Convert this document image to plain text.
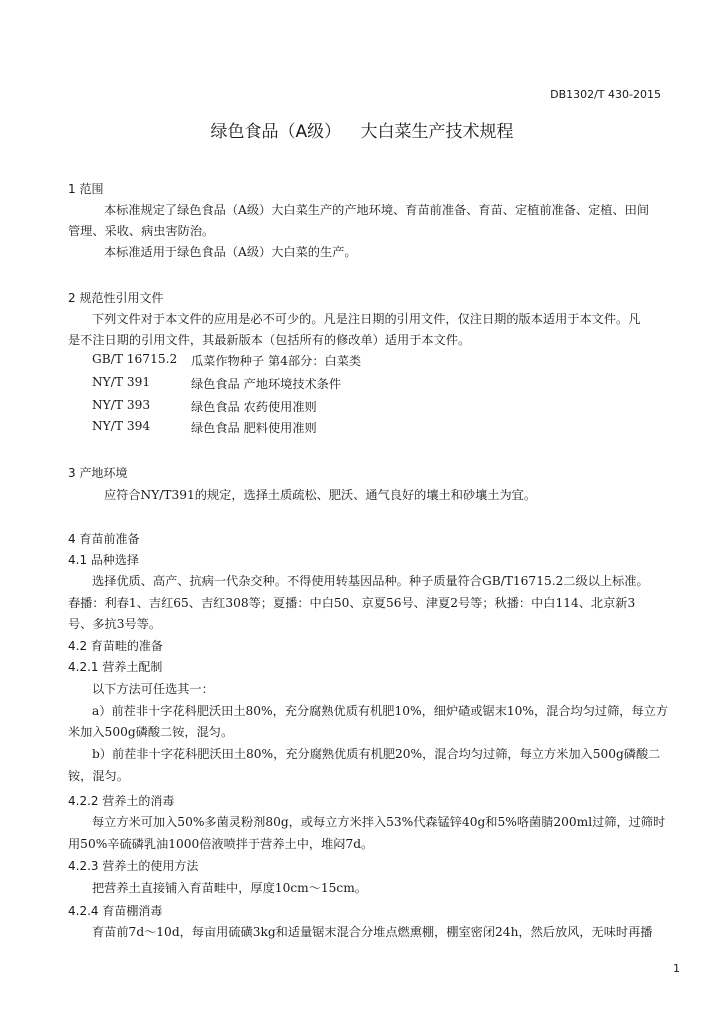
DB1302/T 430-2015
绿色食品（A级） 大白菜生产技术规程
1 范围
本标准规定了绿色食品（A级）大白菜生产的产地环境、育苗前准备、育苗、定植前准备、定植、田间
管理、采收、病虫害防治。
本标准适用于绿色食品（A级）大白菜的生产。
2 规范性引用文件
下列文件对于本文件的应用是必不可少的。凡是注日期的引用文件，仅注日期的版本适用于本文件。凡
是不注日期的引用文件，其最新版本（包括所有的修改单）适用于本文件。
GB/T 16715.2 瓜菜作物种子 第4部分：白菜类
NY/T 391	绿色食品 产地环境技术条件
NY/T 393	绿色食品 农药使用准则
NY/T 394	绿色食品 肥料使用准则
3 产地环境
应符合NY/T391的规定，选择土质疏松、肥沃、通气良好的壤土和砂壤土为宜。
4 育苗前准备
4.1 品种选择
选择优质、高产、抗病一代杂交种。不得使用转基因品种。种子质量符合GB/T16715.2二级以上标准。
春播：利春1、吉红65、吉红308等；夏播：中白50、京夏56号、津夏2号等；秋播：中白114、北京新3
号、多抗3号等。
4.2 育苗畦的准备
4.2.1 营养土配制
以下方法可任选其一：
a）前茬非十字花科肥沃田土80%，充分腐熟优质有机肥10%，细炉碴或锯末10%，混合均匀过筛，每立方
米加入500g磷酸二铵，混匀。
b）前茬非十字花科肥沃田土80%，充分腐熟优质有机肥20%，混合均匀过筛，每立方米加入500g磷酸二
铵，混匀。
4.2.2 营养土的消毒
每立方米可加入50%多菌灵粉剂80g，或每立方米拌入53%代森锰锌40g和5%咯菌腈200ml过筛，过筛时
用50%辛硫磷乳油1000倍液喷拌于营养土中，堆闷7d。
4.2.3 营养土的使用方法
把营养土直接铺入育苗畦中，厚度10cm～15cm。
4.2.4 育苗棚消毒
育苗前7d～10d，每亩用硫磺3kg和适量锯末混合分堆点燃熏棚，棚室密闭24h，然后放风，无味时再播
1
